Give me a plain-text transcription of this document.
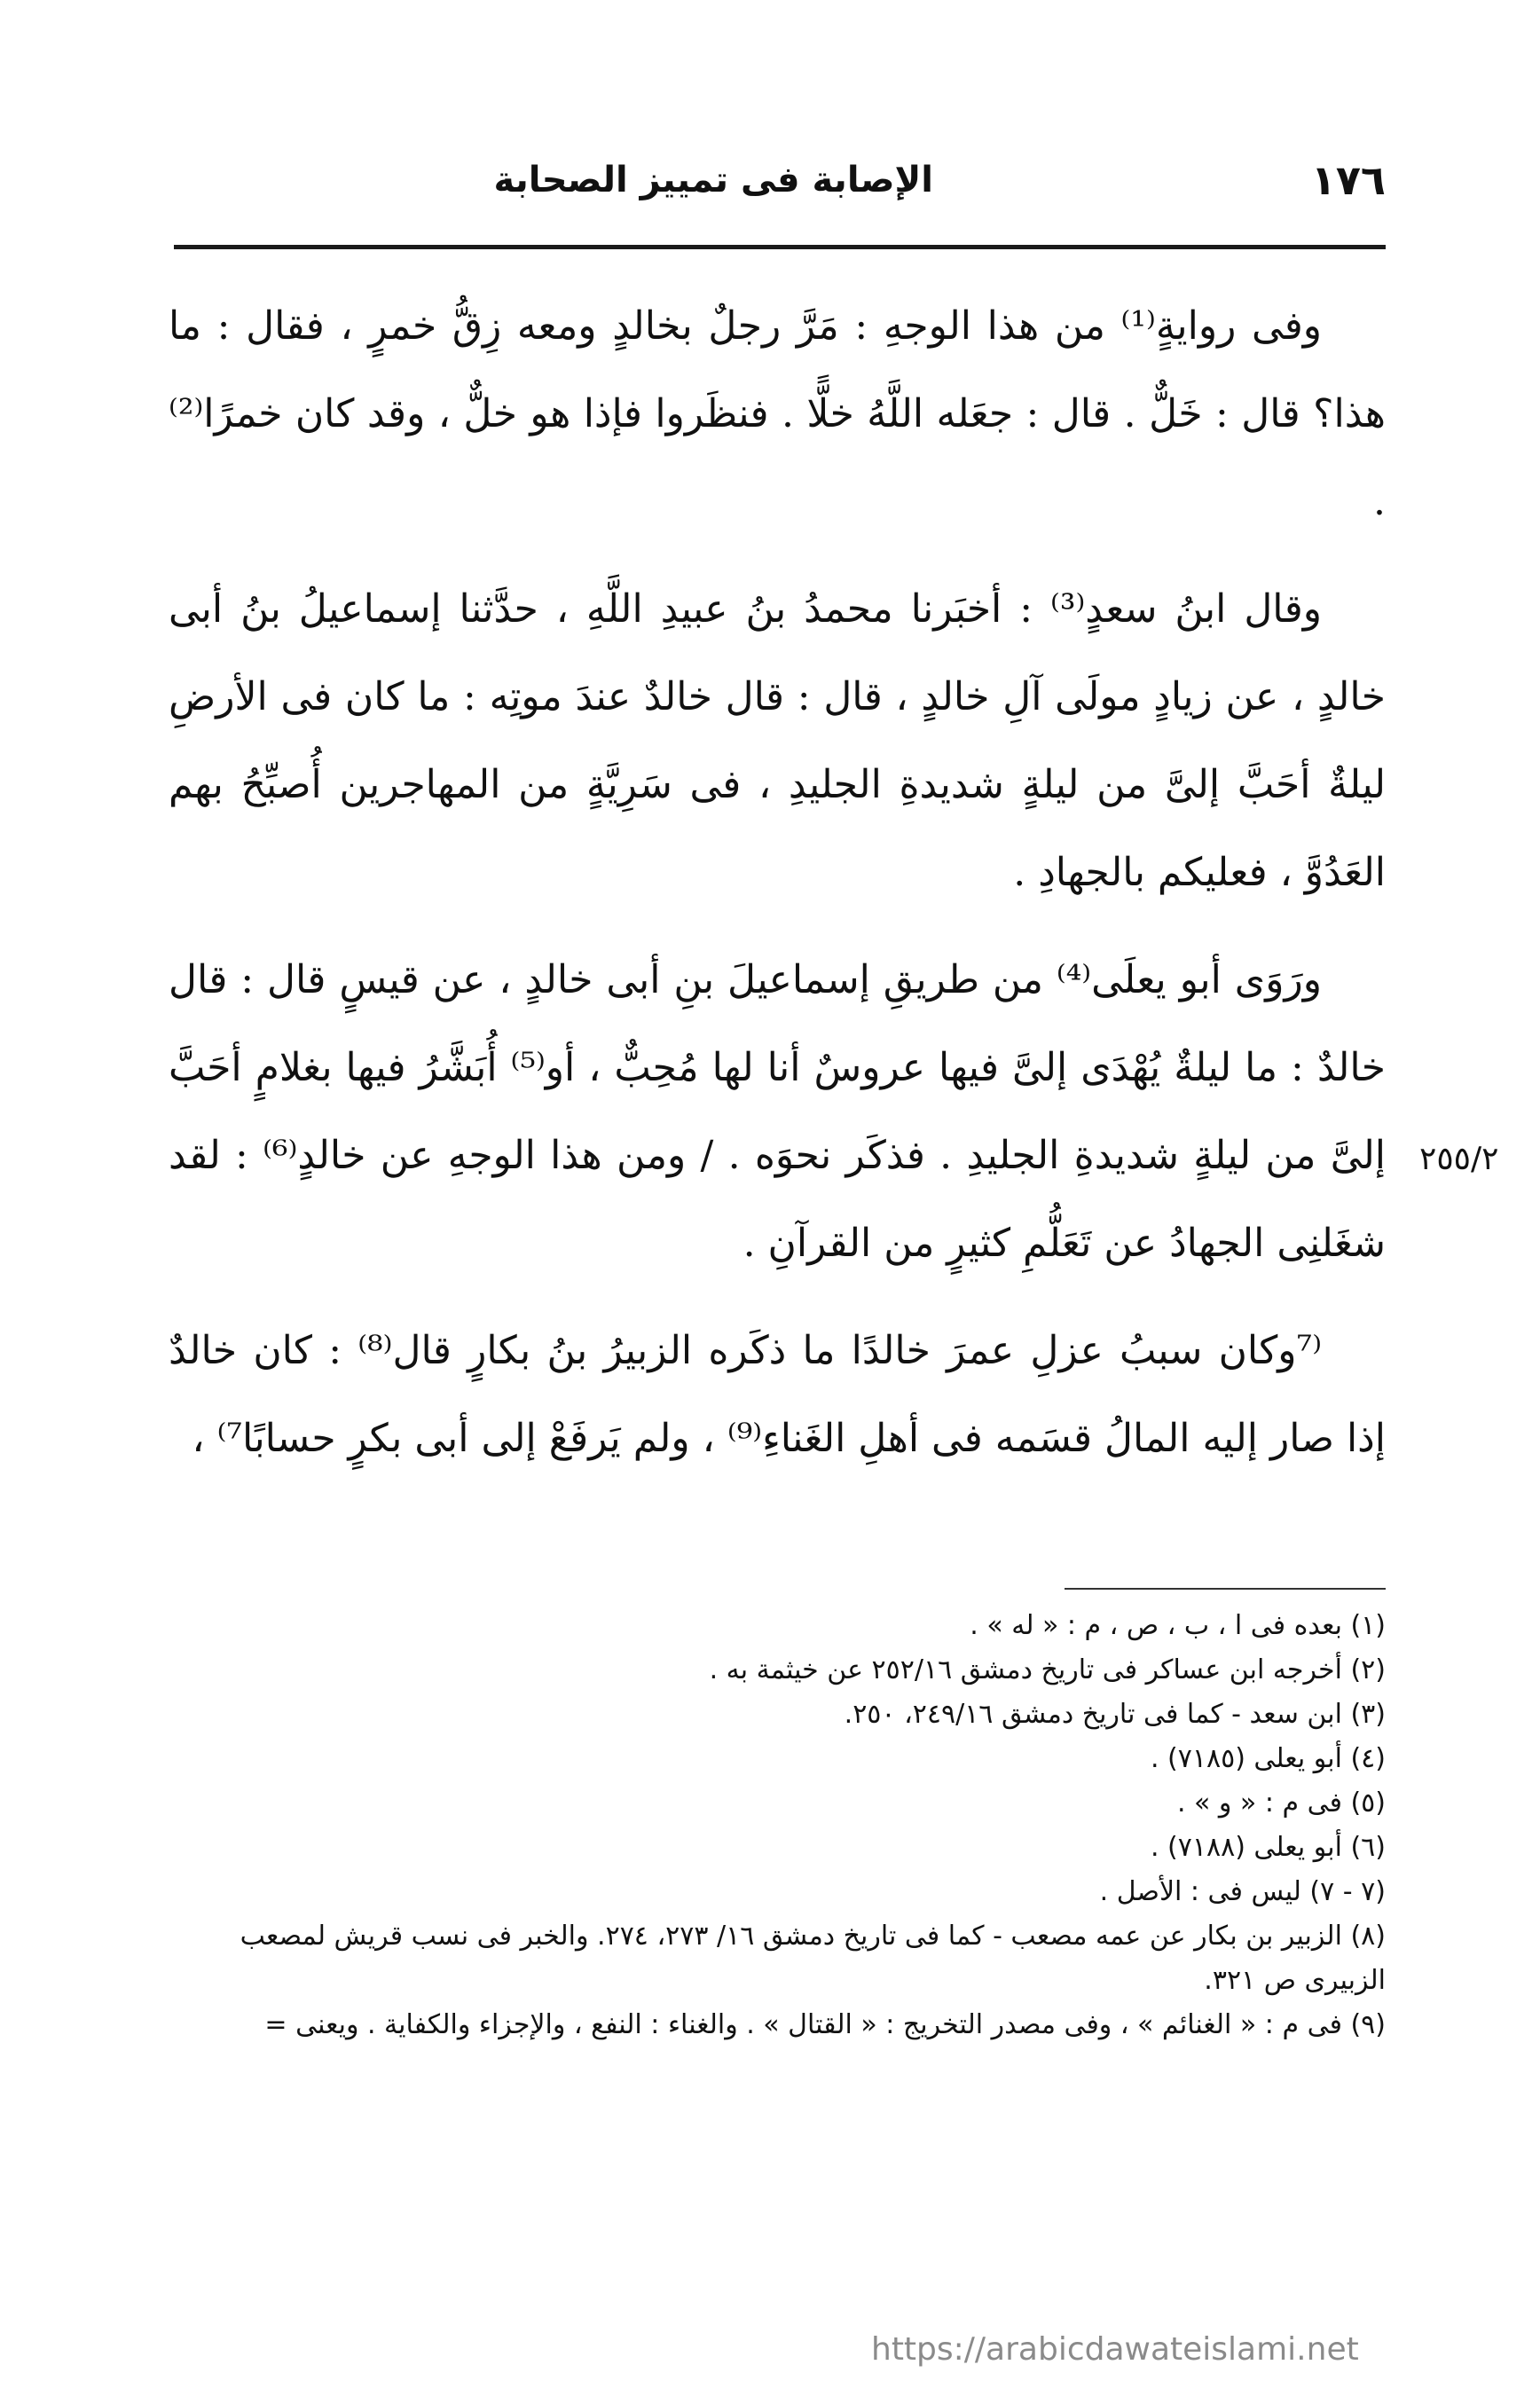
١٧٦
الإصابة فى تمييز الصحابة

وفى روايةٍ⁽¹⁾ من هذا الوجهِ : مَرَّ رجلٌ بخالدٍ ومعه زِقُّ خمرٍ ، فقال : ما هذا؟ قال : خَلٌّ . قال : جعَله اللَّهُ خلًّا . فنظَروا فإذا هو خلٌّ ، وقد كان خمرًا⁽²⁾ .

وقال ابنُ سعدٍ⁽³⁾ : أخبَرنا محمدُ بنُ عبيدِ اللَّهِ ، حدَّثنا إسماعيلُ بنُ أبى خالدٍ ، عن زيادٍ مولَى آلِ خالدٍ ، قال : قال خالدٌ عندَ موتِه : ما كان فى الأرضِ ليلةٌ أحَبَّ إلىَّ من ليلةٍ شديدةِ الجليدِ ، فى سَرِيَّةٍ من المهاجرين أُصبِّحُ بهم العَدُوَّ ، فعليكم بالجهادِ .

ورَوَى أبو يعلَى⁽⁴⁾ من طريقِ إسماعيلَ بنِ أبى خالدٍ ، عن قيسٍ قال : قال خالدٌ : ما ليلةٌ يُهْدَى إلىَّ فيها عروسٌ أنا لها مُحِبٌّ ، أو⁽⁵⁾ أُبَشَّرُ فيها بغلامٍ أحَبَّ إلىَّ من ليلةٍ شديدةِ الجليدِ . فذكَر نحوَه . / ومن هذا الوجهِ عن خالدٍ⁽⁶⁾ : لقد شغَلنِى الجهادُ عن تَعَلُّمِ كثيرٍ من القرآنِ .

⁽⁷وكان سببُ عزلِ عمرَ خالدًا ما ذكَره الزبيرُ بنُ بكارٍ قال⁽⁸⁾ : كان خالدٌ إذا صار إليه المالُ قسَمه فى أهلِ الغَناءِ⁽⁹⁾ ، ولم يَرفَعْ إلى أبى بكرٍ حسابًا⁷⁾ ،

٢٥٥/٢

(١) بعده فى ا ، ب ، ص ، م : « له » .

(٢) أخرجه ابن عساكر فى تاريخ دمشق ٢٥٢/١٦ عن خيثمة به .

(٣) ابن سعد - كما فى تاريخ دمشق ٢٤٩/١٦، ٢٥٠.

(٤) أبو يعلى (٧١٨٥) .

(٥) فى م : « و » .

(٦) أبو يعلى (٧١٨٨) .

(٧ - ٧) ليس فى : الأصل .

(٨) الزبير بن بكار عن عمه مصعب - كما فى تاريخ دمشق ١٦/ ٢٧٣، ٢٧٤. والخبر فى نسب قريش لمصعب الزبيرى ص ٣٢١.

(٩) فى م : « الغنائم » ، وفى مصدر التخريج : « القتال » . والغناء : النفع ، والإجزاء والكفاية . ويعنى =

https://arabicdawateislami.net
